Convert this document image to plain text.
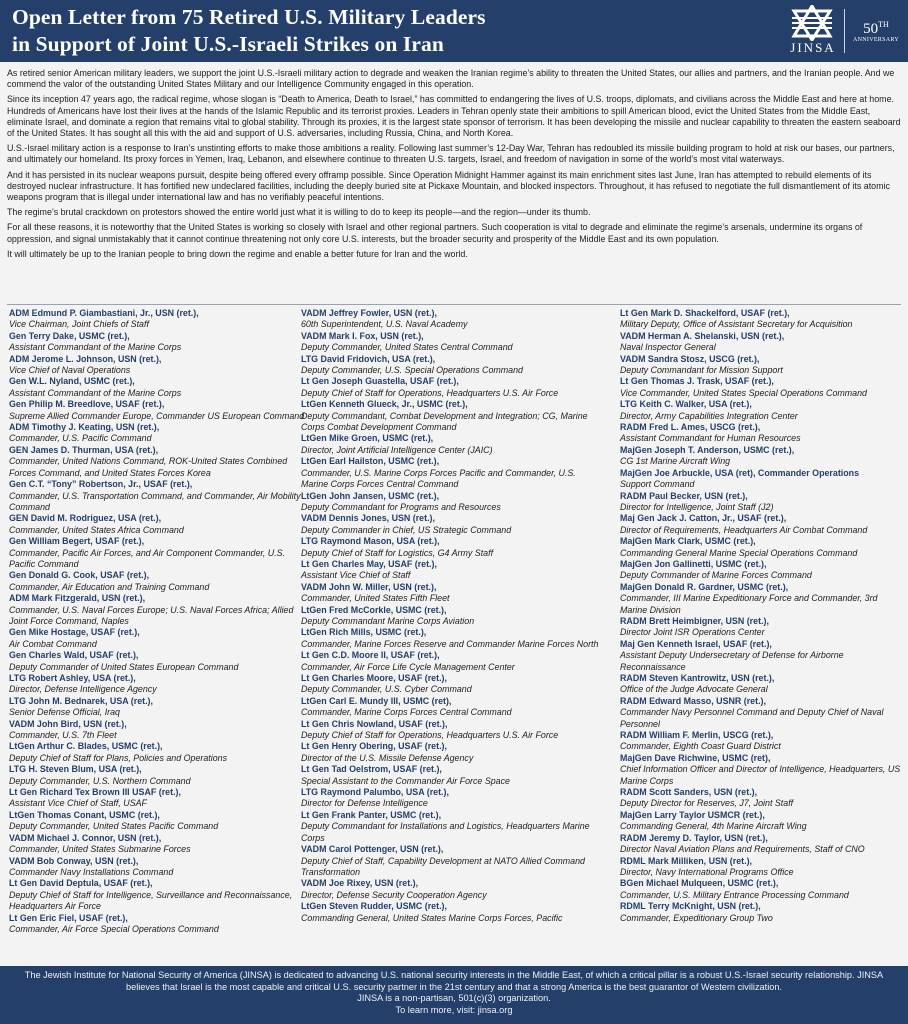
Open Letter from 75 Retired U.S. Military Leaders
in Support of Joint U.S.-Israeli Strikes on Iran	JINSA
50TH
ANNIVERSARY

As retired senior American military leaders, we support the joint U.S.-Israeli military action to degrade and weaken the Iranian regime’s ability to threaten the United States, our allies and partners, and the Iranian people. And we commend the valor of the outstanding United States Military and our Intelligence Community engaged in this operation.

Since its inception 47 years ago, the radical regime, whose slogan is “Death to America, Death to Israel,” has committed to endangering the lives of U.S. troops, diplomats, and civilians across the Middle East and here at home. Hundreds of Americans have lost their lives at the hands of the Islamic Republic and its terrorist proxies. Leaders in Tehran openly state their ambitions to spill American blood, evict the United States from the Middle East, eliminate Israel, and dominate a region that remains vital to global stability. Through its proxies, it is the largest state sponsor of terrorism. It has been developing the missile and nuclear capability to threaten the eastern seaboard of the United States. It has sought all this with the aid and support of U.S. adversaries, including Russia, China, and North Korea.

U.S.-Israel military action is a response to Iran’s unstinting efforts to make those ambitions a reality. Following last summer’s 12-Day War, Tehran has redoubled its missile building program to hold at risk our bases, our partners, and ultimately our homeland. Its proxy forces in Yemen, Iraq, Lebanon, and elsewhere continue to threaten U.S. targets, Israel, and freedom of navigation in some of the world’s most vital waterways.

And it has persisted in its nuclear weapons pursuit, despite being offered every offramp possible. Since Operation Midnight Hammer against its main enrichment sites last June, Iran has attempted to rebuild elements of its destroyed nuclear infrastructure. It has fortified new undeclared facilities, including the deeply buried site at Pickaxe Mountain, and blocked inspectors. Throughout, it has refused to negotiate the full dismantlement of its atomic weapons program that is illegal under international law and has no verifiably peaceful intentions.

The regime’s brutal crackdown on protestors showed the entire world just what it is willing to do to keep its people—and the region—under its thumb.

For all these reasons, it is noteworthy that the United States is working so closely with Israel and other regional partners. Such cooperation is vital to degrade and eliminate the regime’s arsenals, undermine its organs of oppression, and signal unmistakably that it cannot continue threatening not only core U.S. interests, but the broader security and prosperity of the Middle East and its own population.

It will ultimately be up to the Iranian people to bring down the regime and enable a better future for Iran and the world.

ADM Edmund P. Giambastiani, Jr., USN (ret.),
Vice Chairman, Joint Chiefs of Staff
Gen Terry Dake, USMC (ret.),
Assistant Commandant of the Marine Corps
ADM Jerome L. Johnson, USN (ret.),
Vice Chief of Naval Operations
Gen W.L. Nyland, USMC (ret.),
Assistant Commandant of the Marine Corps
Gen Philip M. Breedlove, USAF (ret.),
Supreme Allied Commander Europe, Commander US European Command
ADM Timothy J. Keating, USN (ret.),
Commander, U.S. Pacific Command
GEN James D. Thurman, USA (ret.),
Commander, United Nations Command, ROK-United States Combined Forces Command, and United States Forces Korea
Gen C.T. “Tony” Robertson, Jr., USAF (ret.),
Commander, U.S. Transportation Command, and Commander, Air Mobility Command
GEN David M. Rodriguez, USA (ret.),
Commander, United States Africa Command
Gen William Begert, USAF (ret.),
Commander, Pacific Air Forces, and Air Component Commander, U.S. Pacific Command
Gen Donald G. Cook, USAF (ret.),
Commander, Air Education and Training Command
ADM Mark Fitzgerald, USN (ret.),
Commander, U.S. Naval Forces Europe; U.S. Naval Forces Africa; Allied Joint Force Command, Naples
Gen Mike Hostage, USAF (ret.),
Air Combat Command
Gen Charles Wald, USAF (ret.),
Deputy Commander of United States European Command
LTG Robert Ashley, USA (ret.),
Director, Defense Intelligence Agency
LTG John M. Bednarek, USA (ret.),
Senior Defense Official, Iraq
VADM John Bird, USN (ret.),
Commander, U.S. 7th Fleet
LtGen Arthur C. Blades, USMC (ret.),
Deputy Chief of Staff for Plans, Policies and Operations
LTG H. Steven Blum, USA (ret.),
Deputy Commander, U.S. Northern Command
Lt Gen Richard Tex Brown III USAF (ret.),
Assistant Vice Chief of Staff, USAF
LtGen Thomas Conant, USMC (ret.),
Deputy Commander, United States Pacific Command
VADM Michael J. Connor, USN (ret.),
Commander, United States Submarine Forces
VADM Bob Conway, USN (ret.),
Commander Navy Installations Command
Lt Gen David Deptula, USAF (ret.),
Deputy Chief of Staff for Intelligence, Surveillance and Reconnaissance, Headquarters Air Force
Lt Gen Eric Fiel, USAF (ret.),
Commander, Air Force Special Operations Command
VADM Jeffrey Fowler, USN (ret.),
60th Superintendent, U.S. Naval Academy
VADM Mark I. Fox, USN (ret.),
Deputy Commander, United States Central Command
LTG David Fridovich, USA (ret.),
Deputy Commander, U.S. Special Operations Command
Lt Gen Joseph Guastella, USAF (ret.),
Deputy Chief of Staff for Operations, Headquarters U.S. Air Force
LtGen Kenneth Glueck, Jr., USMC (ret.),
Deputy Commandant, Combat Development and Integration; CG, Marine Corps Combat Development Command
LtGen Mike Groen, USMC (ret.),
Director, Joint Artificial Intelligence Center (JAIC)
LtGen Earl Hailston, USMC (ret.),
Commander, U.S. Marine Corps Forces Pacific and Commander, U.S. Marine Corps Forces Central Command
LtGen John Jansen, USMC (ret.),
Deputy Commandant for Programs and Resources
VADM Dennis Jones, USN (ret.),
Deputy Commander in Chief, US Strategic Command
LTG Raymond Mason, USA (ret.),
Deputy Chief of Staff for Logistics, G4 Army Staff
Lt Gen Charles May, USAF (ret.),
Assistant Vice Chief of Staff
VADM John W. Miller, USN (ret.),
Commander, United States Fifth Fleet
LtGen Fred McCorkle, USMC (ret.),
Deputy Commandant Marine Corps Aviation
LtGen Rich Mills, USMC (ret.),
Commander, Marine Forces Reserve and Commander Marine Forces North
Lt Gen C.D. Moore II, USAF (ret.),
Commander, Air Force Life Cycle Management Center
Lt Gen Charles Moore, USAF (ret.),
Deputy Commander, U.S. Cyber Command
LtGen Carl E. Mundy III, USMC (ret),
Commander, Marine Corps Forces Central Command
Lt Gen Chris Nowland, USAF (ret.),
Deputy Chief of Staff for Operations, Headquarters U.S. Air Force
Lt Gen Henry Obering, USAF (ret.),
Director of the U.S. Missile Defense Agency
Lt Gen Tad Oelstrom, USAF (ret.),
Special Assistant to the Commander Air Force Space
LTG Raymond Palumbo, USA (ret.),
Director for Defense Intelligence
Lt Gen Frank Panter, USMC (ret.),
Deputy Commandant for Installations and Logistics, Headquarters Marine Corps
VADM Carol Pottenger, USN (ret.),
Deputy Chief of Staff, Capability Development at NATO Allied Command Transformation
VADM Joe Rixey, USN (ret.),
Director, Defense Security Cooperation Agency
LtGen Steven Rudder, USMC (ret.),
Commanding General, United States Marine Corps Forces, Pacific
Lt Gen Mark D. Shackelford, USAF (ret.),
Military Deputy, Office of Assistant Secretary for Acquisition
VADM Herman A. Shelanski, USN (ret.),
Naval Inspector General
VADM Sandra Stosz, USCG (ret.),
Deputy Commandant for Mission Support
Lt Gen Thomas J. Trask, USAF (ret.),
Vice Commander, United States Special Operations Command
LTG Keith C. Walker, USA (ret.),
Director, Army Capabilities Integration Center
RADM Fred L. Ames, USCG (ret.),
Assistant Commandant for Human Resources
MajGen Joseph T. Anderson, USMC (ret.),
CG 1st Marine Aircraft Wing
MajGen Joe Arbuckle, USA (ret), Commander Operations
Support Command
RADM Paul Becker, USN (ret.),
Director for Intelligence, Joint Staff (J2)
Maj Gen Jack J. Catton, Jr., USAF (ret.),
Director of Requirements, Headquarters Air Combat Command
MajGen Mark Clark, USMC (ret.),
Commanding General Marine Special Operations Command
MajGen Jon Gallinetti, USMC (ret.),
Deputy Commander of Marine Forces Command
MajGen Donald R. Gardner, USMC (ret.),
Commander, III Marine Expeditionary Force and Commander, 3rd Marine Division
RADM Brett Heimbigner, USN (ret.),
Director Joint ISR Operations Center
Maj Gen Kenneth Israel, USAF (ret.),
Assistant Deputy Undersecretary of Defense for Airborne Reconnaissance
RADM Steven Kantrowitz, USN (ret.),
Office of the Judge Advocate General
RADM Edward Masso, USNR (ret.),
Commander Navy Personnel Command and Deputy Chief of Naval Personnel
RADM William F. Merlin, USCG (ret.),
Commander, Eighth Coast Guard District
MajGen Dave Richwine, USMC (ret),
Chief Information Officer and Director of Intelligence, Headquarters, US Marine Corps
RADM Scott Sanders, USN (ret.),
Deputy Director for Reserves, J7, Joint Staff
MajGen Larry Taylor USMCR (ret.),
Commanding General, 4th Marine Aircraft Wing
RADM Jeremy D. Taylor, USN (ret.),
Director Naval Aviation Plans and Requirements, Staff of CNO
RDML Mark Milliken, USN (ret.),
Director, Navy International Programs Office
BGen Michael Mulqueen, USMC (ret.),
Commander, U.S. Military Entrance Processing Command
RDML Terry McKnight, USN (ret.),
Commander, Expeditionary Group Two
The Jewish Institute for National Security of America (JINSA) is dedicated to advancing U.S. national security interests in the Middle East, of which a critical pillar is a robust U.S.-Israel security relationship. JINSA believes that Israel is the most capable and critical U.S. security partner in the 21st century and that a strong America is the best guarantor of Western civilization.
JINSA is a non-partisan, 501(c)(3) organization.
To learn more, visit: jinsa.org
